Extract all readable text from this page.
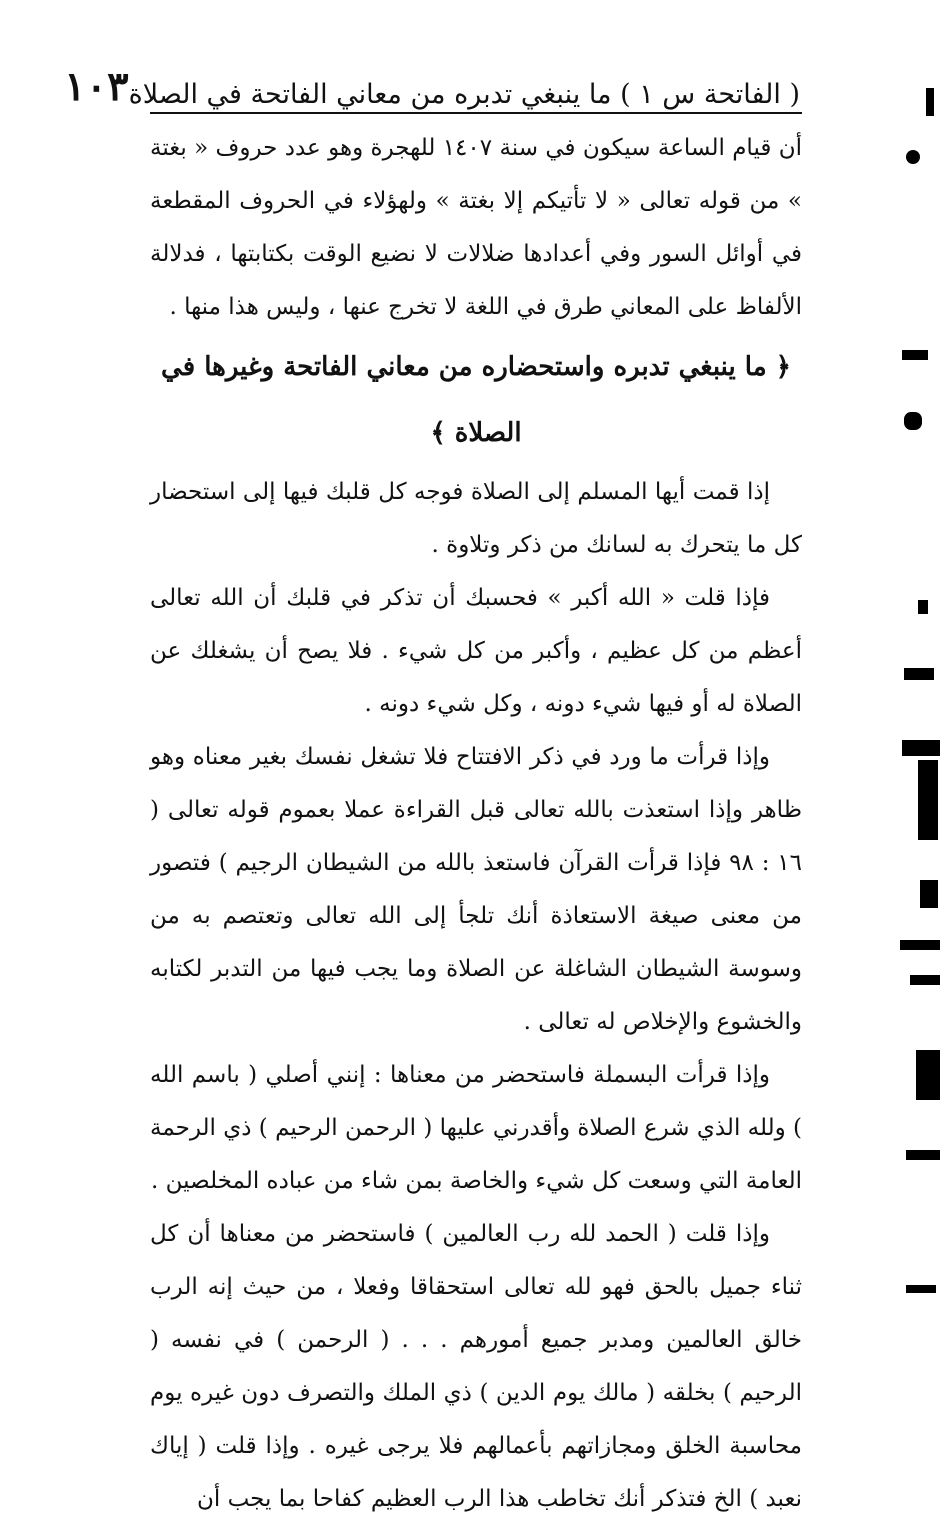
( الفاتحة س ١ ) ما ينبغي تدبره من معاني الفاتحة في الصلاة
١٠٣

أن قيام الساعة سيكون في سنة ١٤٠٧ للهجرة وهو عدد حروف « بغتة » من قوله تعالى « لا تأتيكم إلا بغتة » ولهؤلاء في الحروف المقطعة في أوائل السور وفي أعدادها ضلالات لا نضيع الوقت بكتابتها ، فدلالة الألفاظ على المعاني طرق في اللغة لا تخرج عنها ، وليس هذا منها .

﴿ ما ينبغي تدبره واستحضاره من معاني الفاتحة وغيرها في الصلاة ﴾

إذا قمت أيها المسلم إلى الصلاة فوجه كل قلبك فيها إلى استحضار كل ما يتحرك به لسانك من ذكر وتلاوة .

فإذا قلت « الله أكبر » فحسبك أن تذكر في قلبك أن الله تعالى أعظم من كل عظيم ، وأكبر من كل شيء . فلا يصح أن يشغلك عن الصلاة له أو فيها شيء دونه ، وكل شيء دونه .

وإذا قرأت ما ورد في ذكر الافتتاح فلا تشغل نفسك بغير معناه وهو ظاهر وإذا استعذت بالله تعالى قبل القراءة عملا بعموم قوله تعالى ( ١٦ : ٩٨ فإذا قرأت القرآن فاستعذ بالله من الشيطان الرجيم ) فتصور من معنى صيغة الاستعاذة أنك تلجأ إلى الله تعالى وتعتصم به من وسوسة الشيطان الشاغلة عن الصلاة وما يجب فيها من التدبر لكتابه والخشوع والإخلاص له تعالى .

وإذا قرأت البسملة فاستحضر من معناها : إنني أصلي ( باسم الله ) ولله الذي شرع الصلاة وأقدرني عليها ( الرحمن الرحيم ) ذي الرحمة العامة التي وسعت كل شيء والخاصة بمن شاء من عباده المخلصين .

وإذا قلت ( الحمد لله رب العالمين ) فاستحضر من معناها أن كل ثناء جميل بالحق فهو لله تعالى استحقاقا وفعلا ، من حيث إنه الرب خالق العالمين ومدبر جميع أمورهم . . . ( الرحمن ) في نفسه ( الرحيم ) بخلقه ( مالك يوم الدين ) ذي الملك والتصرف دون غيره يوم محاسبة الخلق ومجازاتهم بأعمالهم فلا يرجى غيره . وإذا قلت ( إياك نعبد ) الخ فتذكر أنك تخاطب هذا الرب العظيم كفاحا بما يجب أن
